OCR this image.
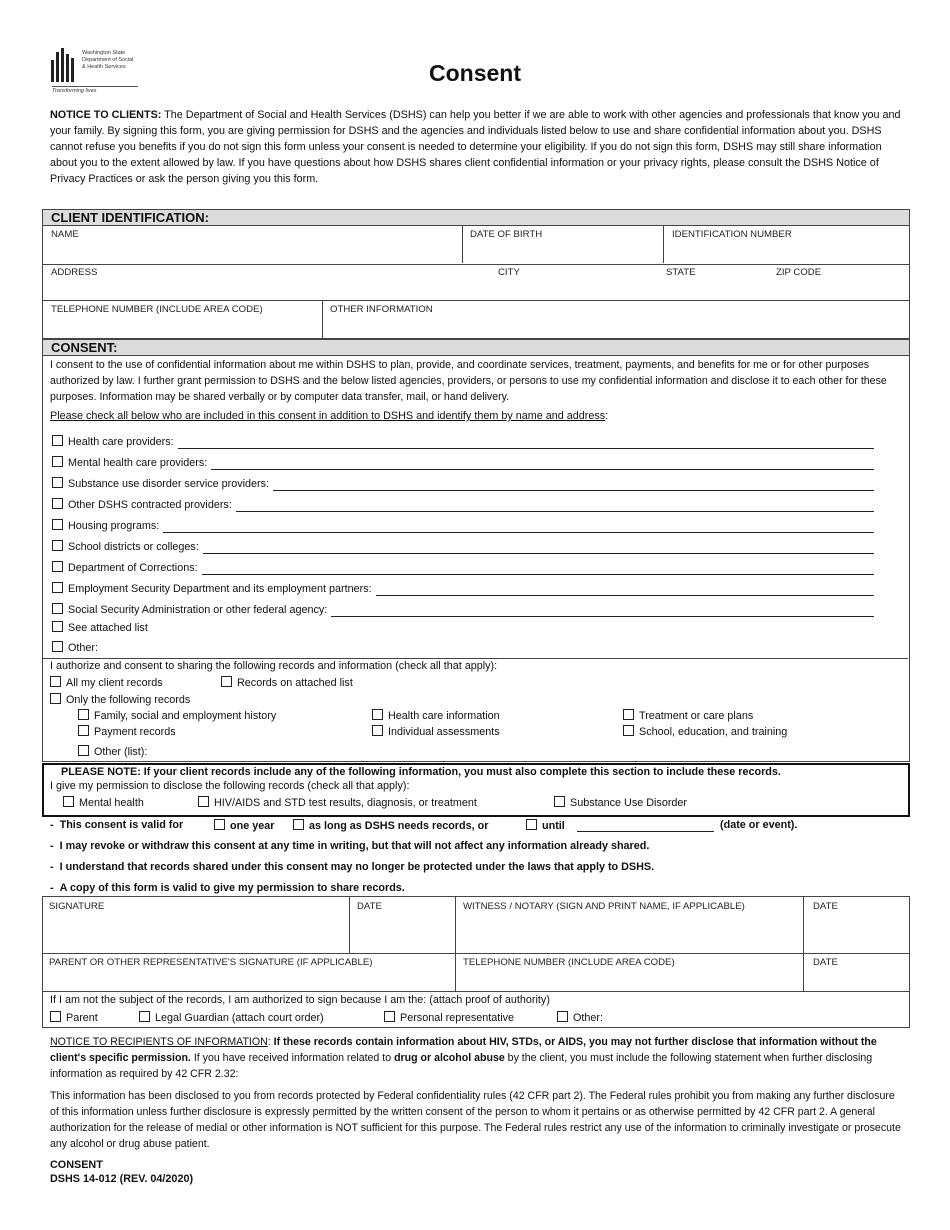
Washington State
Department of Social
& Health Services
Transforming lives
Consent
NOTICE TO CLIENTS: The Department of Social and Health Services (DSHS) can help you better if we are able to work with other agencies and professionals that know you and your family. By signing this form, you are giving permission for DSHS and the agencies and individuals listed below to use and share confidential information about you. DSHS cannot refuse you benefits if you do not sign this form unless your consent is needed to determine your eligibility. If you do not sign this form, DSHS may still share information about you to the extent allowed by law. If you have questions about how DSHS shares client confidential information or your privacy rights, please consult the DSHS Notice of Privacy Practices or ask the person giving you this form.
CLIENT IDENTIFICATION:
NAME	DATE OF BIRTH	IDENTIFICATION NUMBER
ADDRESS	CITY	STATE	ZIP CODE
TELEPHONE NUMBER (INCLUDE AREA CODE)	OTHER INFORMATION
CONSENT:
I consent to the use of confidential information about me within DSHS to plan, provide, and coordinate services, treatment, payments, and benefits for me or for other purposes authorized by law. I further grant permission to DSHS and the below listed agencies, providers, or persons to use my confidential information and disclose it to each other for these purposes. Information may be shared verbally or by computer data transfer, mail, or hand delivery.
Please check all below who are included in this consent in addition to DSHS and identify them by name and address:
Health care providers:
Mental health care providers:
Substance use disorder service providers:
Other DSHS contracted providers:
Housing programs:
School districts or colleges:
Department of Corrections:
Employment Security Department and its employment partners:
Social Security Administration or other federal agency:
See attached list
Other:
I authorize and consent to sharing the following records and information (check all that apply):
All my client records	Records on attached list
Only the following records
Family, social and employment history	Health care information	Treatment or care plans
Payment records	Individual assessments	School, education, and training
Other (list):
PLEASE NOTE: If your client records include any of the following information, you must also complete this section to include these records.
I give my permission to disclose the following records (check all that apply):
Mental health	HIV/AIDS and STD test results, diagnosis, or treatment	Substance Use Disorder
- This consent is valid for	one year	as long as DSHS needs records, or	until	(date or event).
- I may revoke or withdraw this consent at any time in writing, but that will not affect any information already shared.
- I understand that records shared under this consent may no longer be protected under the laws that apply to DSHS.
- A copy of this form is valid to give my permission to share records.
SIGNATURE	DATE	WITNESS / NOTARY (SIGN AND PRINT NAME, IF APPLICABLE)	DATE
PARENT OR OTHER REPRESENTATIVE'S SIGNATURE (IF APPLICABLE)	TELEPHONE NUMBER (INCLUDE AREA CODE)	DATE
If I am not the subject of the records, I am authorized to sign because I am the: (attach proof of authority)
Parent	Legal Guardian (attach court order)	Personal representative	Other:
NOTICE TO RECIPIENTS OF INFORMATION: If these records contain information about HIV, STDs, or AIDS, you may not further disclose that information without the client's specific permission. If you have received information related to drug or alcohol abuse by the client, you must include the following statement when further disclosing information as required by 42 CFR 2.32:
This information has been disclosed to you from records protected by Federal confidentiality rules (42 CFR part 2). The Federal rules prohibit you from making any further disclosure of this information unless further disclosure is expressly permitted by the written consent of the person to whom it pertains or as otherwise permitted by 42 CFR part 2. A general authorization for the release of medial or other information is NOT sufficient for this purpose. The Federal rules restrict any use of the information to criminally investigate or prosecute any alcohol or drug abuse patient.
CONSENT
DSHS 14-012 (REV. 04/2020)
